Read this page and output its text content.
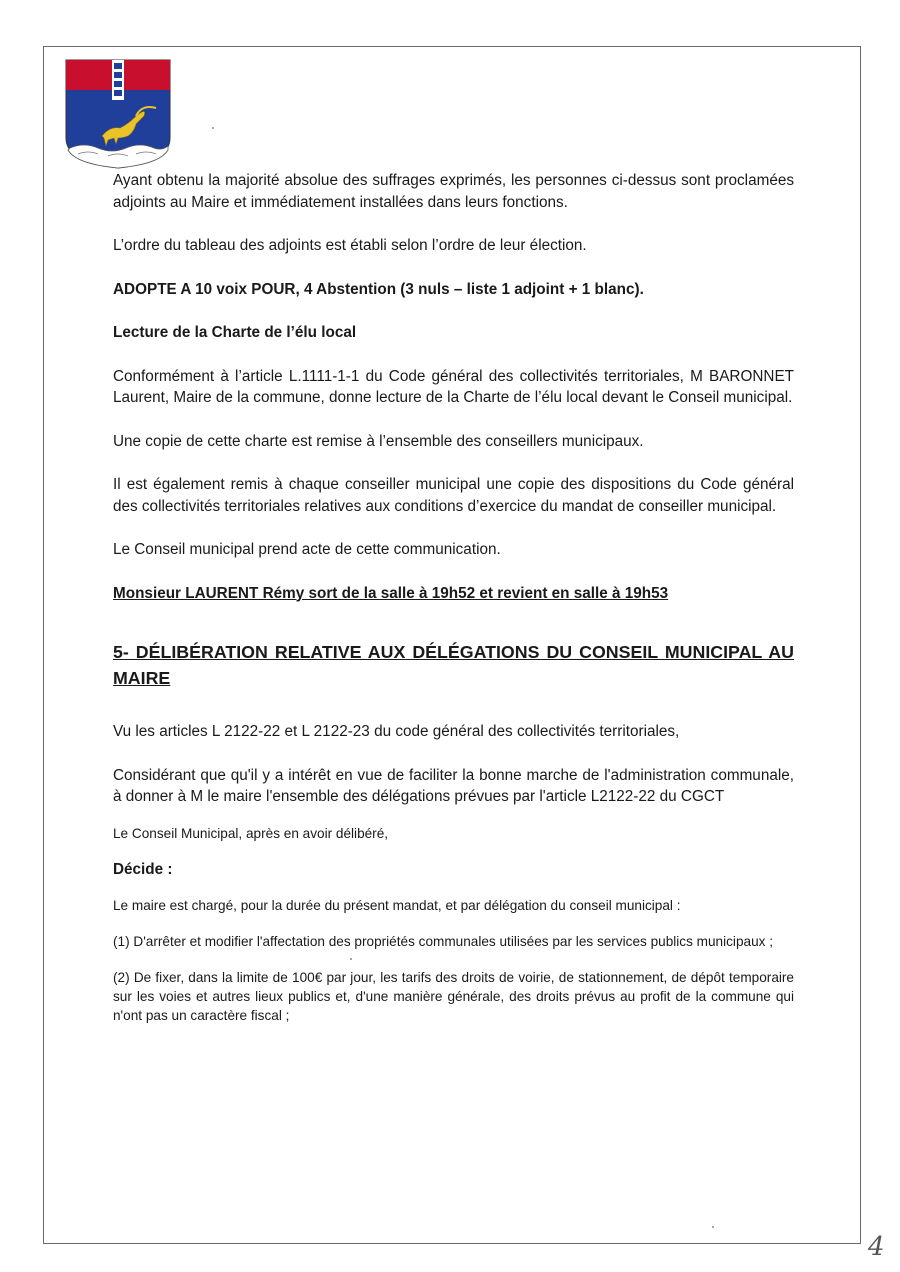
Ayant obtenu la majorité absolue des suffrages exprimés, les personnes ci-dessus sont proclamées adjoints au Maire et immédiatement installées dans leurs fonctions.

L’ordre du tableau des adjoints est établi selon l’ordre de leur élection.

ADOPTE A 10 voix POUR, 4 Abstention (3 nuls – liste 1 adjoint + 1 blanc).

Lecture de la Charte de l’élu local

Conformément à l’article L.1111-1-1 du Code général des collectivités territoriales, M BARONNET Laurent, Maire de la commune, donne lecture de la Charte de l’élu local devant le Conseil municipal.

Une copie de cette charte est remise à l’ensemble des conseillers municipaux.

Il est également remis à chaque conseiller municipal une copie des dispositions du Code général des collectivités territoriales relatives aux conditions d’exercice du mandat de conseiller municipal.

Le Conseil municipal prend acte de cette communication.

Monsieur LAURENT Rémy sort de la salle à 19h52 et revient en salle à 19h53

5- DÉLIBÉRATION RELATIVE AUX DÉLÉGATIONS DU CONSEIL MUNICIPAL AU MAIRE

Vu les articles L 2122-22 et L 2122-23 du code général des collectivités territoriales,

Considérant que qu'il y a intérêt en vue de faciliter la bonne marche de l'administration communale, à donner à M le maire l'ensemble des délégations prévues par l'article L2122-22 du CGCT

Le Conseil Municipal, après en avoir délibéré,

Décide :

Le maire est chargé, pour la durée du présent mandat, et par délégation du conseil municipal :

(1) D'arrêter et modifier l'affectation des propriétés communales utilisées par les services publics municipaux ;

(2) De fixer, dans la limite de 100€ par jour, les tarifs des droits de voirie, de stationnement, de dépôt temporaire sur les voies et autres lieux publics et, d'une manière générale, des droits prévus au profit de la commune qui n'ont pas un caractère fiscal ;

4
